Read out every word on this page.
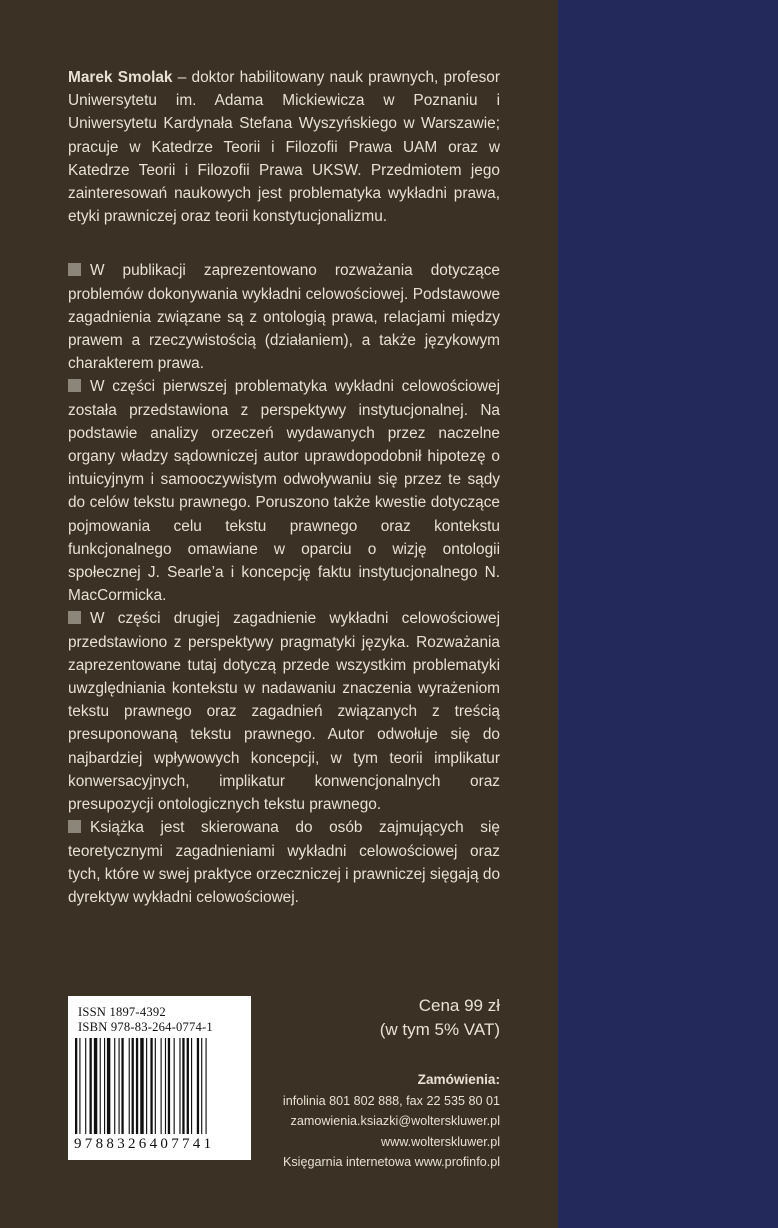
Marek Smolak – doktor habilitowany nauk prawnych, profesor Uniwersytetu im. Adama Mickiewicza w Poznaniu i Uniwersytetu Kardynała Stefana Wyszyńskiego w Warszawie; pracuje w Katedrze Teorii i Filozofii Prawa UAM oraz w Katedrze Teorii i Filozofii Prawa UKSW. Przedmiotem jego zainteresowań naukowych jest problematyka wykładni prawa, etyki prawniczej oraz teorii konstytucjonalizmu.

W publikacji zaprezentowano rozważania dotyczące problemów dokonywania wykładni celowościowej. Podstawowe zagadnienia związane są z ontologią prawa, relacjami między prawem a rzeczywistością (działaniem), a także językowym charakterem prawa.

W części pierwszej problematyka wykładni celowościowej została przedstawiona z perspektywy instytucjonalnej. Na podstawie analizy orzeczeń wydawanych przez naczelne organy władzy sądowniczej autor uprawdopodobnił hipotezę o intuicyjnym i samooczywistym odwoływaniu się przez te sądy do celów tekstu prawnego. Poruszono także kwestie dotyczące pojmowania celu tekstu prawnego oraz kontekstu funkcjonalnego omawiane w oparciu o wizję ontologii społecznej J. Searle’a i koncepcję faktu instytucjonalnego N. MacCormicka.

W części drugiej zagadnienie wykładni celowościowej przedstawiono z perspektywy pragmatyki języka. Rozważania zaprezentowane tutaj dotyczą przede wszystkim problematyki uwzględniania kontekstu w nadawaniu znaczenia wyrażeniom tekstu prawnego oraz zagadnień związanych z treścią presuponowaną tekstu prawnego. Autor odwołuje się do najbardziej wpływowych koncepcji, w tym teorii implikatur konwersacyjnych, implikatur konwencjonalnych oraz presupozycji ontologicznych tekstu prawnego.

Książka jest skierowana do osób zajmujących się teoretycznymi zagadnieniami wykładni celowościowej oraz tych, które w swej praktyce orzeczniczej i prawniczej sięgają do dyrektyw wykładni celowościowej.

ISSN 1897-4392
ISBN 978-83-264-0774-1
9788326407741
Cena 99 zł
(w tym 5% VAT)
Zamówienia:
infolinia 801 802 888, fax 22 535 80 01
zamowienia.ksiazki@wolterskluwer.pl
www.wolterskluwer.pl
Księgarnia internetowa www.profinfo.pl
